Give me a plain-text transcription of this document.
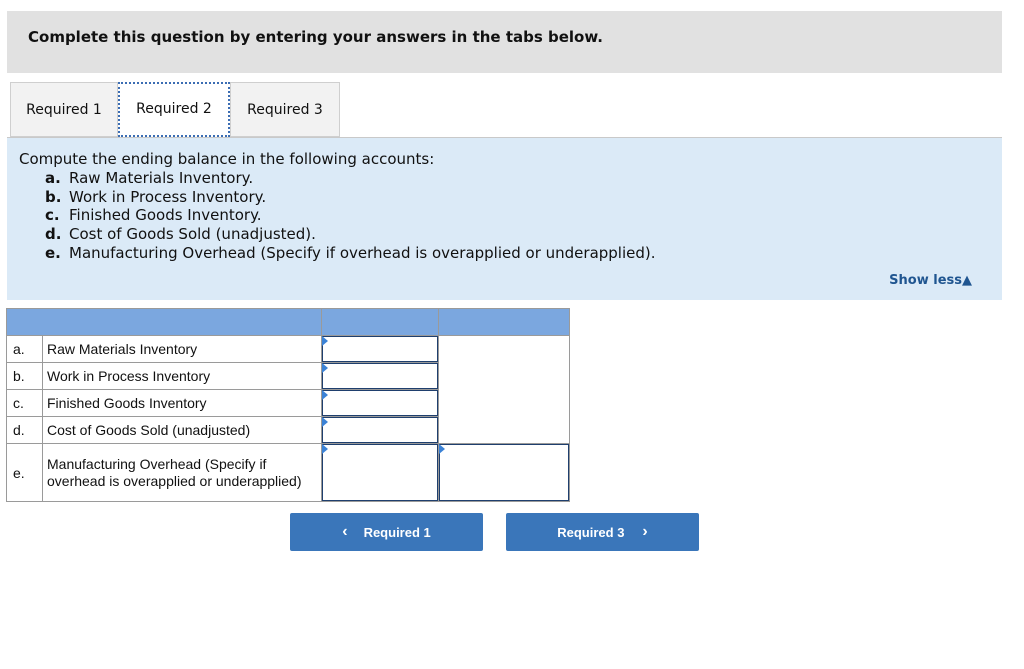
Complete this question by entering your answers in the tabs below.
Required 1	Required 2	Required 3
Compute the ending balance in the following accounts:
a. Raw Materials Inventory.
b. Work in Process Inventory.
c. Finished Goods Inventory.
d. Cost of Goods Sold (unadjusted).
e. Manufacturing Overhead (Specify if overhead is overapplied or underapplied).
Show less▲

a.	Raw Materials Inventory	

b.	Work in Process Inventory	

c.	Finished Goods Inventory	

d.	Cost of Goods Sold (unadjusted)	

e.	Manufacturing Overhead (Specify if overhead is overapplied or underapplied)	

‹ Required 1	Required 3 ›
